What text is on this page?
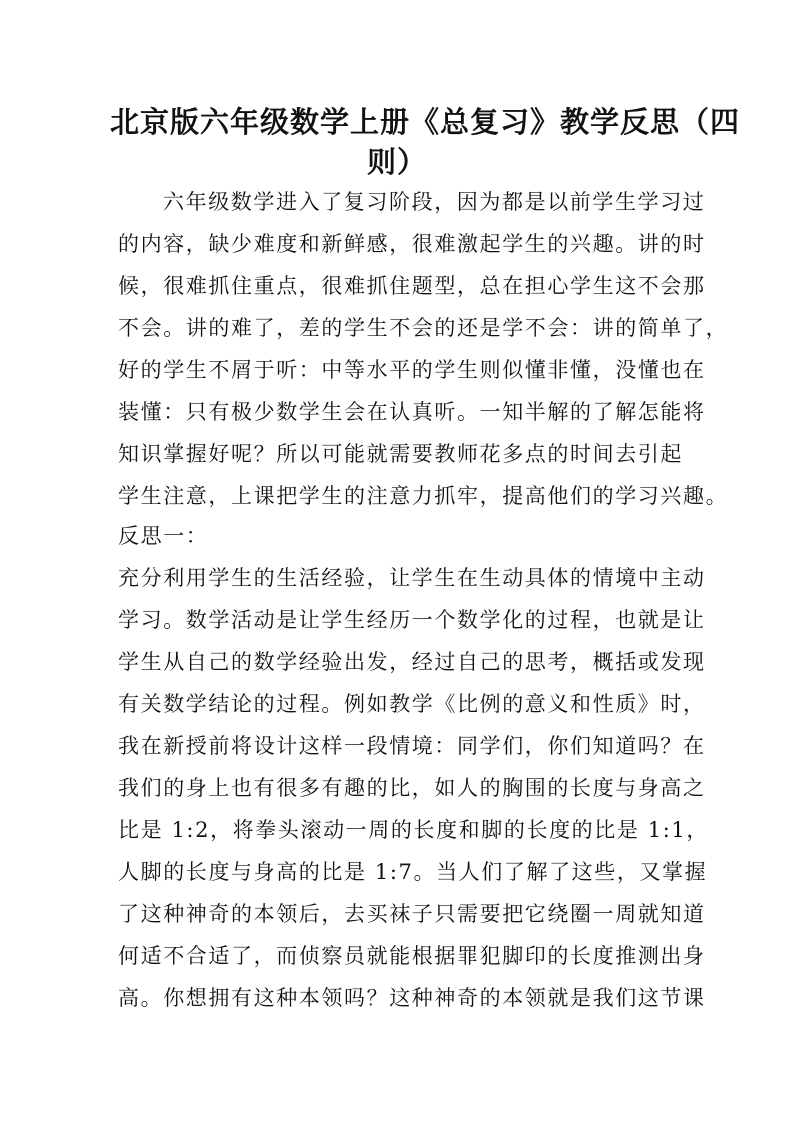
北京版六年级数学上册《总复习》教学反思（四
则）
六年级数学进入了复习阶段，因为都是以前学生学习过
的内容，缺少难度和新鲜感，很难激起学生的兴趣。讲的时
候，很难抓住重点，很难抓住题型，总在担心学生这不会那
不会。讲的难了，差的学生不会的还是学不会：讲的简单了，
好的学生不屑于听：中等水平的学生则似懂非懂，没懂也在
装懂：只有极少数学生会在认真听。一知半解的了解怎能将
知识掌握好呢？所以可能就需要教师花多点的时间去引起
学生注意，上课把学生的注意力抓牢，提高他们的学习兴趣。
反思一：
充分利用学生的生活经验，让学生在生动具体的情境中主动
学习。数学活动是让学生经历一个数学化的过程，也就是让
学生从自己的数学经验出发，经过自己的思考，概括或发现
有关数学结论的过程。例如教学《比例的意义和性质》时，
我在新授前将设计这样一段情境：同学们，你们知道吗？在
我们的身上也有很多有趣的比，如人的胸围的长度与身高之
比是 1:2，将拳头滚动一周的长度和脚的长度的比是 1:1，
人脚的长度与身高的比是 1:7。当人们了解了这些，又掌握
了这种神奇的本领后，去买袜子只需要把它绕圈一周就知道
何适不合适了，而侦察员就能根据罪犯脚印的长度推测出身
高。你想拥有这种本领吗？这种神奇的本领就是我们这节课
